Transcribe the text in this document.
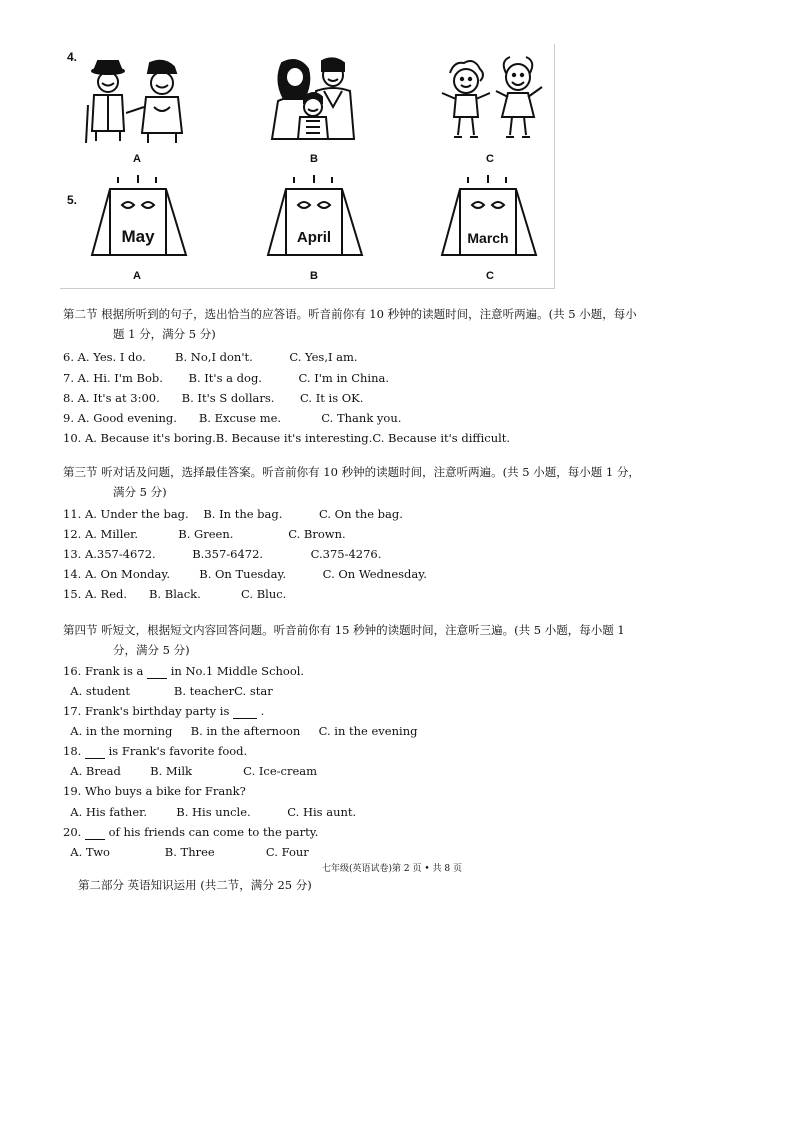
4.
A	B	C
5.
May
A
April
B
March
C
第二节 根据所听到的句子，选出恰当的应答语。听音前你有 10 秒钟的读题时间，注意听两遍。(共 5 小题，每小
题 1 分，满分 5 分)
6. A. Yes. I do.        B. No,I don't.          C. Yes,I am.
7. A. Hi. I'm Bob.       B. It's a dog.          C. I'm in China.
8. A. It's at 3:00.      B. It's S dollars.       C. It is OK.
9. A. Good evening.      B. Excuse me.           C. Thank you.
10. A. Because it's boring.B. Because it's interesting.C. Because it's difficult.
第三节 听对话及问题，选择最佳答案。听音前你有 10 秒钟的读题时间，注意听两遍。(共 5 小题，每小题 1 分，
满分 5 分)
11. A. Under the bag.    B. In the bag.          C. On the bag.
12. A. Miller.           B. Green.               C. Brown.
13. A.357-4672.          B.357-6472.             C.375-4276.
14. A. On Monday.        B. On Tuesday.          C. On Wednesday.
15. A. Red.      B. Black.           C. Bluc.
第四节 听短文，根据短文内容回答问题。听音前你有 15 秒钟的读题时间，注意听三遍。(共 5 小题，每小题 1
分，满分 5 分)
16. Frank is a  in No.1 Middle School.
A. student            B. teacherC. star
17. Frank's birthday party is  .
A. in the morning     B. in the afternoon     C. in the evening
18.  is Frank's favorite food.
A. Bread        B. Milk              C. Ice-cream
19. Who buys a bike for Frank?
A. His father.        B. His uncle.          C. His aunt.
20.  of his friends can come to the party.
A. Two               B. Three              C. Four
七年级(英语试卷)第 2 页 • 共 8 页
第二部分 英语知识运用 (共二节，满分 25 分)
